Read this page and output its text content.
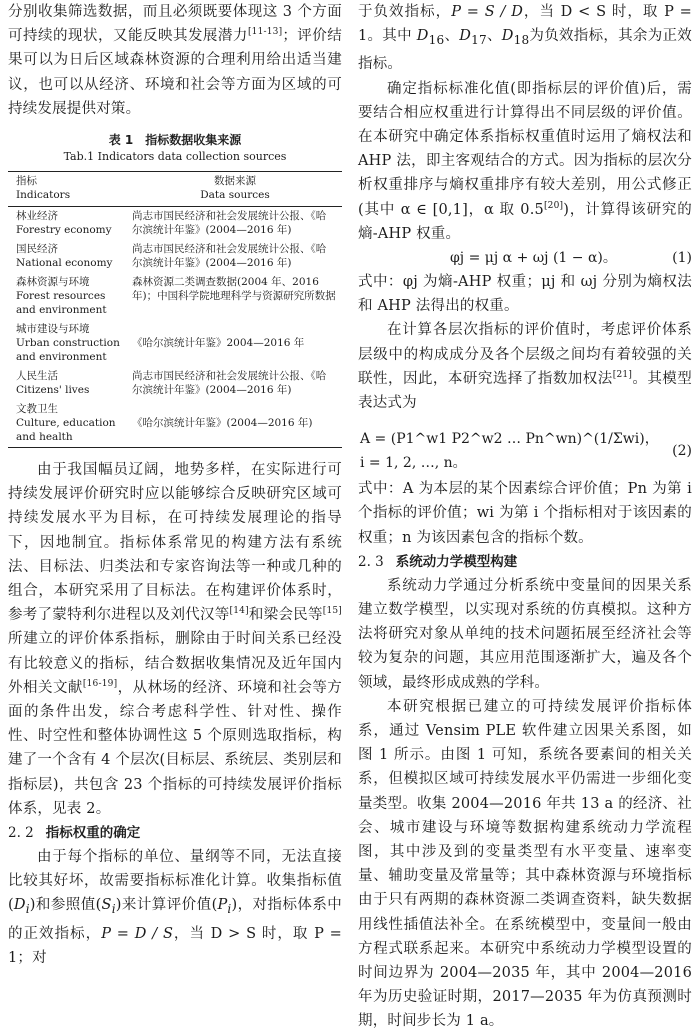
分别收集筛选数据，而且必须既要体现这 3 个方面可持续的现状，又能反映其发展潜力[11-13]；评价结果可以为日后区域森林资源的合理利用给出适当建议，也可以从经济、环境和社会等方面为区域的可持续发展提供对策。

表 1　指标数据收集来源
Tab.1 Indicators data collection sources
指标
Indicators	数据来源
Data sources

林业经济
Forestry economy	尚志市国民经济和社会发展统计公报、《哈尔滨统计年鉴》(2004—2016 年)

国民经济
National economy	尚志市国民经济和社会发展统计公报、《哈尔滨统计年鉴》(2004—2016 年)

森林资源与环境
Forest resources and environment	森林资源二类调查数据(2004 年、2016 年)；中国科学院地理科学与资源研究所数据

城市建设与环境
Urban construction and environment	《哈尔滨统计年鉴》2004—2016 年

人民生活
Citizens' lives	尚志市国民经济和社会发展统计公报、《哈尔滨统计年鉴》(2004—2016 年)

文教卫生
Culture, education and health	《哈尔滨统计年鉴》(2004—2016 年)

由于我国幅员辽阔，地势多样，在实际进行可持续发展评价研究时应以能够综合反映研究区域可持续发展水平为目标，在可持续发展理论的指导下，因地制宜。指标体系常见的构建方法有系统法、目标法、归类法和专家咨询法等一种或几种的组合，本研究采用了目标法。在构建评价体系时，参考了蒙特利尔进程以及刘代汉等[14]和梁会民等[15]所建立的评价体系指标，删除由于时间关系已经没有比较意义的指标，结合数据收集情况及近年国内外相关文献[16-19]，从林场的经济、环境和社会等方面的条件出发，综合考虑科学性、针对性、操作性、时空性和整体协调性这 5 个原则选取指标，构建了一个含有 4 个层次(目标层、系统层、类别层和指标层)，共包含 23 个指标的可持续发展评价指标体系，见表 2。

2. 2 指标权重的确定

由于每个指标的单位、量纲等不同，无法直接比较其好坏，故需要指标标准化计算。收集指标值$(D_i)$和参照值$(S_i)$来计算评价值$(P_i)$，对指标体系中的正效指标，P = D / S，当 D > S 时，取 P = 1；对

于负效指标，P = S / D，当 D < S 时，取 P = 1。其中 $D_{16}$、$D_{17}$、$D_{18}$为负效指标，其余为正效指标。

确定指标标准化值(即指标层的评价值)后，需要结合相应权重进行计算得出不同层级的评价值。在本研究中确定体系指标权重值时运用了熵权法和 AHP 法，即主客观结合的方式。因为指标的层次分析权重排序与熵权重排序有较大差别，用公式修正(其中 α ∈ [0,1]，α 取 0.5[20])，计算得该研究的熵-AHP 权重。

φj = μj α + ωj (1 − α)。	(1)

式中：φj 为熵-AHP 权重；μj 和 ωj 分别为熵权法和 AHP 法得出的权重。

在计算各层次指标的评价值时，考虑评价体系层级中的构成成分及各个层级之间均有着较强的关联性，因此，本研究选择了指数加权法[21]。其模型表达式为

A = (P1^w1 P2^w2 … Pn^wn)^(1/Σwi)，i = 1, 2, …, n。
(2)

式中：A 为本层的某个因素综合评价值；Pn 为第 i 个指标的评价值；wi 为第 i 个指标相对于该因素的权重；n 为该因素包含的指标个数。

2. 3 系统动力学模型构建

系统动力学通过分析系统中变量间的因果关系建立数学模型，以实现对系统的仿真模拟。这种方法将研究对象从单纯的技术问题拓展至经济社会等较为复杂的问题，其应用范围逐渐扩大，遍及各个领域，最终形成成熟的学科。

本研究根据已建立的可持续发展评价指标体系，通过 Vensim PLE 软件建立因果关系图，如图 1 所示。由图 1 可知，系统各要素间的相关关系，但模拟区域可持续发展水平仍需进一步细化变量类型。收集 2004—2016 年共 13 a 的经济、社会、城市建设与环境等数据构建系统动力学流程图，其中涉及到的变量类型有水平变量、速率变量、辅助变量及常量等；其中森林资源与环境指标由于只有两期的森林资源二类调查资料，缺失数据用线性插值法补全。在系统模型中，变量间一般由方程式联系起来。本研究中系统动力学模型设置的时间边界为 2004—2035 年，其中 2004—2016 年为历史验证时期，2017—2035 年为仿真预测时期，时间步长为 1 a。
